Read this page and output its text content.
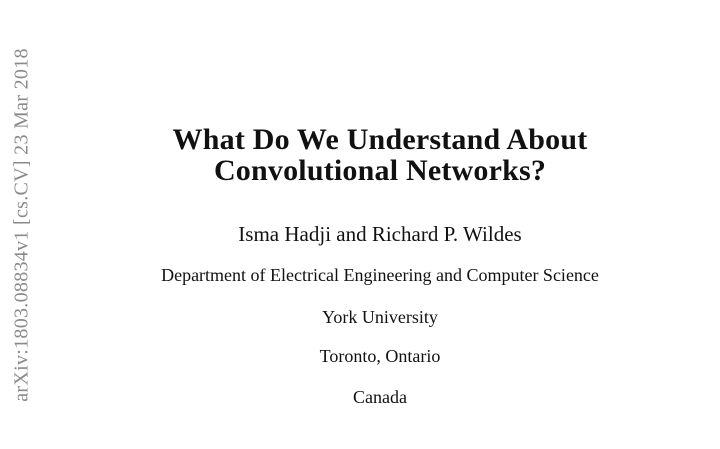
arXiv:1803.08834v1 [cs.CV] 23 Mar 2018	What Do We Understand About
Convolutional Networks?
Isma Hadji and Richard P. Wildes
Department of Electrical Engineering and Computer Science
York University
Toronto, Ontario
Canada
